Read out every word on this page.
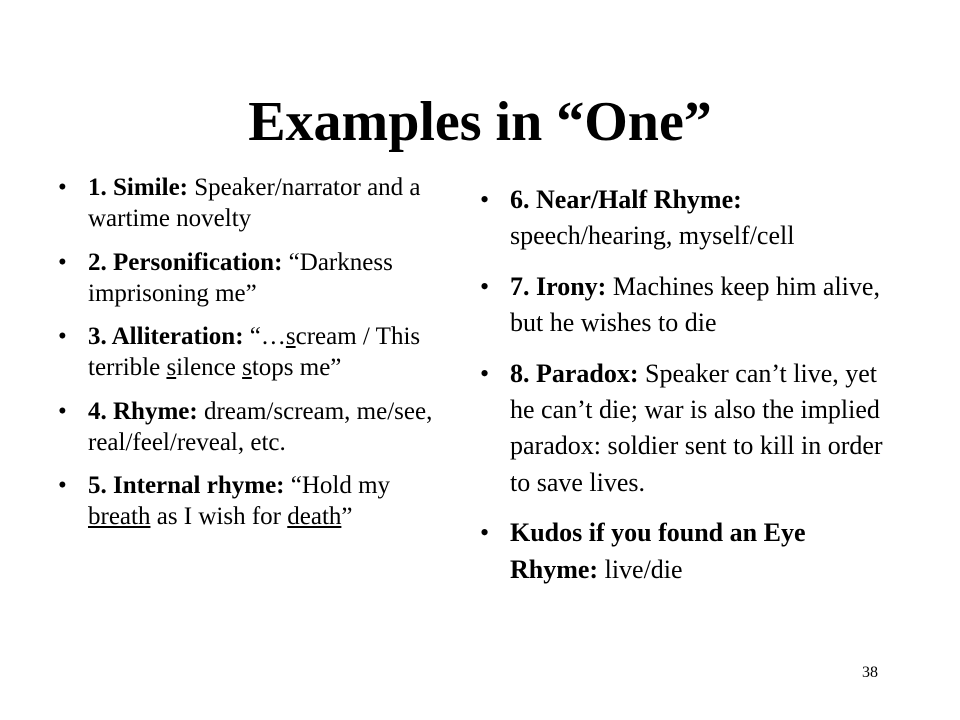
Examples in “One”
• 1. Simile: Speaker/narrator and a wartime novelty
• 2. Personification: “Darkness imprisoning me”
• 3. Alliteration: “…scream / This terrible silence stops me”
• 4. Rhyme: dream/scream, me/see, real/feel/reveal, etc.
• 5. Internal rhyme: “Hold my breath as I wish for death”
• 6. Near/Half Rhyme: speech/hearing, myself/cell
• 7. Irony: Machines keep him alive, but he wishes to die
• 8. Paradox: Speaker can’t live, yet he can’t die; war is also the implied paradox: soldier sent to kill in order to save lives.
• Kudos if you found an Eye Rhyme: live/die
38
